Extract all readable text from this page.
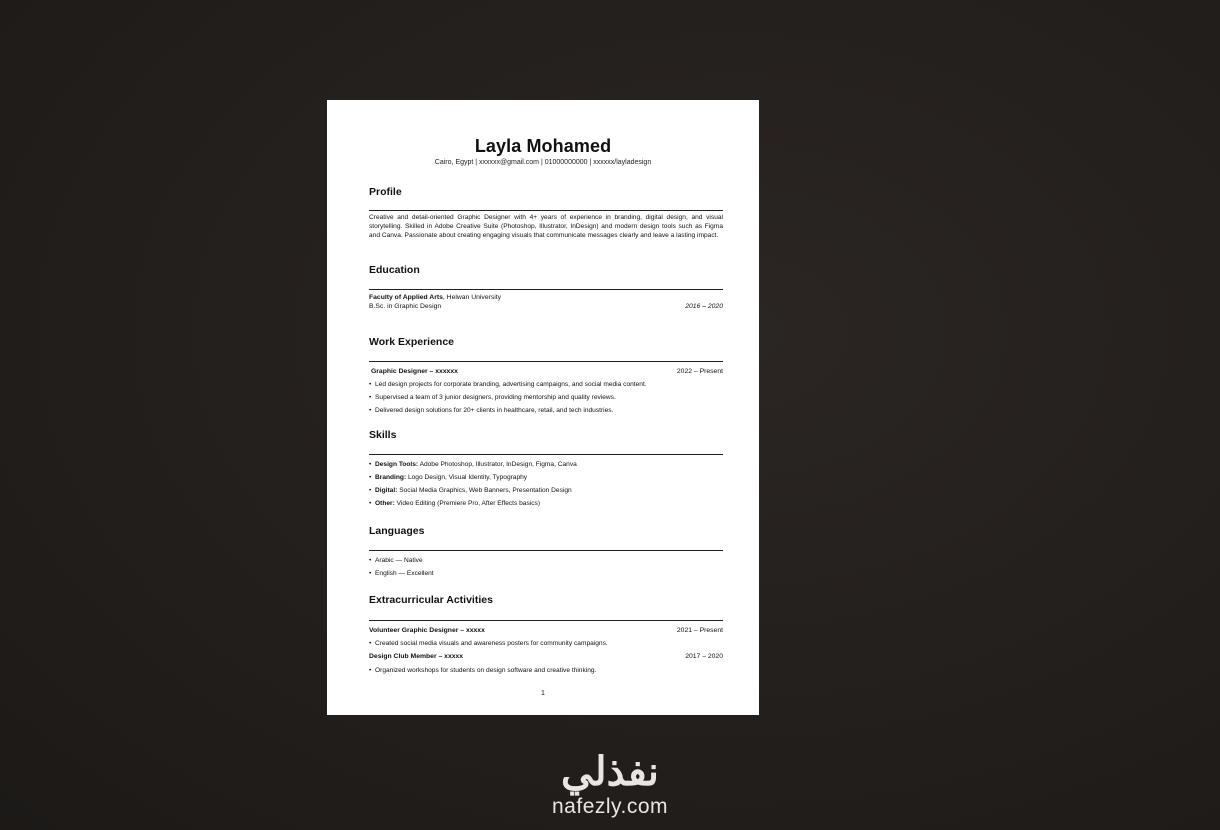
Layla Mohamed
Cairo, Egypt | xxxxxx@gmail.com | 01000000000 | xxxxxx/layladesign
Profile
Creative and detail-oriented Graphic Designer with 4+ years of experience in branding, digital design, and visual storytelling. Skilled in Adobe Creative Suite (Photoshop, Illustrator, InDesign) and modern design tools such as Figma and Canva. Passionate about creating engaging visuals that communicate messages clearly and leave a lasting impact.
Education
Faculty of Applied Arts, Helwan University
B.Sc. in Graphic Design	2016 – 2020
Work Experience
Graphic Designer – xxxxxx	2022 – Present
• Led design projects for corporate branding, advertising campaigns, and social media content.
• Supervised a team of 3 junior designers, providing mentorship and quality reviews.
• Delivered design solutions for 20+ clients in healthcare, retail, and tech industries.
Skills
• Design Tools: Adobe Photoshop, Illustrator, InDesign, Figma, Canva
• Branding: Logo Design, Visual Identity, Typography
• Digital: Social Media Graphics, Web Banners, Presentation Design
• Other: Video Editing (Premiere Pro, After Effects basics)
Languages
• Arabic — Native
• English — Excellent
Extracurricular Activities
Volunteer Graphic Designer – xxxxx	2021 – Present
• Created social media visuals and awareness posters for community campaigns.
Design Club Member – xxxxx	2017 – 2020
• Organized workshops for students on design software and creative thinking.
1
نفذلي
nafezly.com
